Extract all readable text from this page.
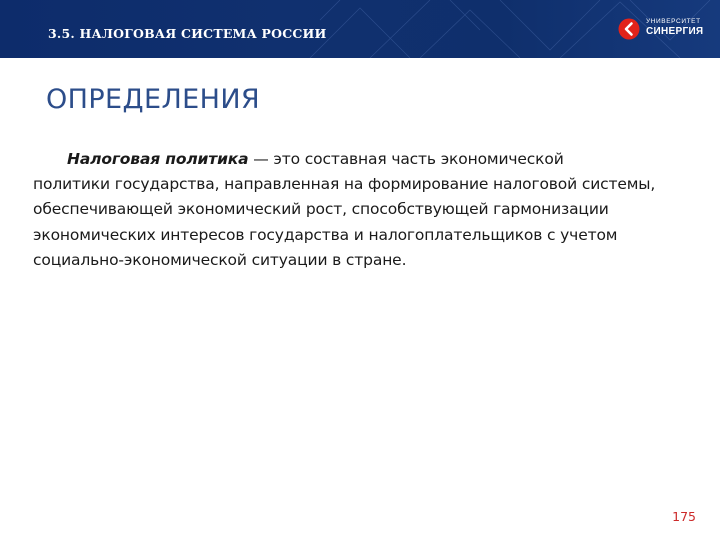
3.5. НАЛОГОВАЯ СИСТЕМА РОССИИ
УНИВЕРСИТЕТ
СИНЕРГИЯ
ОПРЕДЕЛЕНИЯ
Налоговая политика — это составная часть экономической
политики государства, направленная на формирование налоговой системы, обеспечивающей экономический рост, способствующей гармонизации экономических интересов государства и налогоплательщиков с учетом социально-экономической ситуации в стране.
175
